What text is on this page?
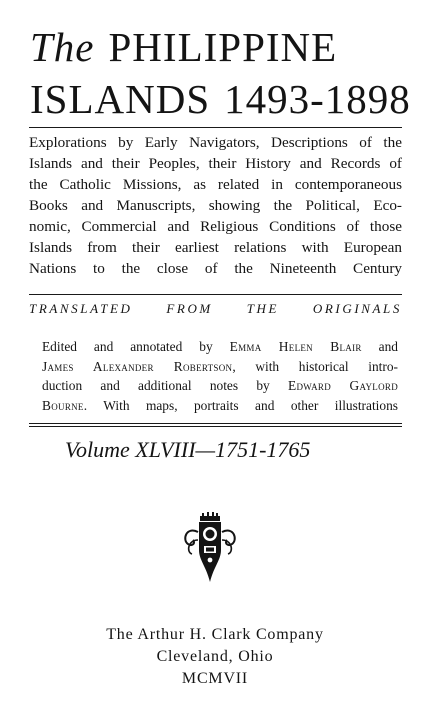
The PHILIPPINE
ISLANDS 1493-1898
Explorations by Early Navigators, Descriptions of the
Islands and their Peoples, their History and Records of
the Catholic Missions, as related in contemporaneous
Books and Manuscripts, showing the Political, Eco-
nomic, Commercial and Religious Conditions of those
Islands from their earliest relations with European
Nations to the close of the Nineteenth Century
TRANSLATED	FROM	THE	ORIGINALS
Edited and annotated by Emma Helen Blair and
James Alexander Robertson, with historical intro-
duction and additional notes by Edward Gaylord
Bourne. With maps, portraits and other illustrations
Volume XLVIII—1751-1765
The Arthur H. Clark Company
Cleveland, Ohio
MCMVII
